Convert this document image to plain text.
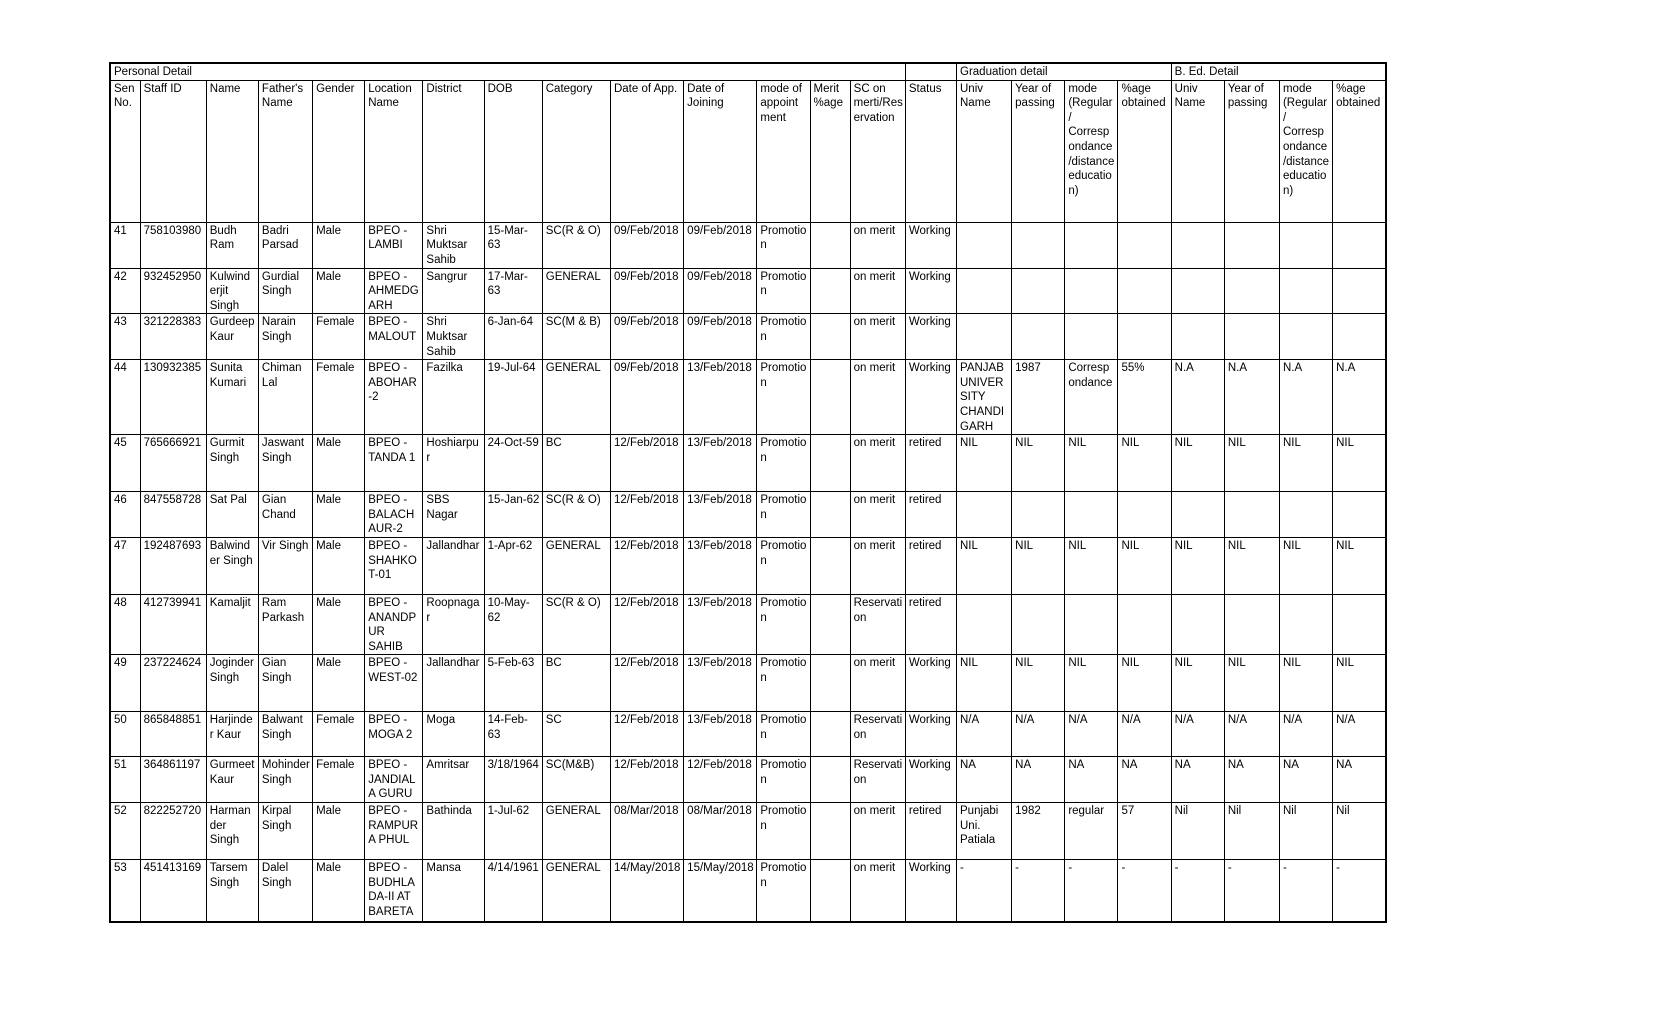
Personal Detail															Graduation detail				B. Ed. Detail			
Sen No.	Staff ID	Name	Father's Name	Gender	Location Name	District	DOB	Category	Date of App.	Date of Joining	mode of appointment	Merit %age	SC on merti/Reservation	Status	Univ Name	Year of passing	mode (Regular/ Correspondance/distance education)	%age obtained	Univ Name	Year of passing	mode (Regular/ Correspondance/distance education)	%age obtained
41	758103980	Budh Ram	Badri Parsad	Male	BPEO - LAMBI	Shri Muktsar Sahib	15-Mar-63	SC(R & O)	09/Feb/2018	09/Feb/2018	Promotion		on merit	Working								
42	932452950	Kulwinderjit Singh	Gurdial Singh	Male	BPEO - AHMEDGARH	Sangrur	17-Mar-63	GENERAL	09/Feb/2018	09/Feb/2018	Promotion		on merit	Working								
43	321228383	Gurdeep Kaur	Narain Singh	Female	BPEO - MALOUT	Shri Muktsar Sahib	6-Jan-64	SC(M & B)	09/Feb/2018	09/Feb/2018	Promotion		on merit	Working								
44	130932385	Sunita Kumari	Chiman Lal	Female	BPEO - ABOHAR-2	Fazilka	19-Jul-64	GENERAL	09/Feb/2018	13/Feb/2018	Promotion		on merit	Working	PANJAB UNIVERSITY CHANDIGARH	1987	Correspondance	55%	N.A	N.A	N.A	N.A
45	765666921	Gurmit Singh	Jaswant Singh	Male	BPEO - TANDA 1	Hoshiarpur	24-Oct-59	BC	12/Feb/2018	13/Feb/2018	Promotion		on merit	retired	NIL	NIL	NIL	NIL	NIL	NIL	NIL	NIL
46	847558728	Sat Pal	Gian Chand	Male	BPEO - BALACHAUR-2	SBS Nagar	15-Jan-62	SC(R & O)	12/Feb/2018	13/Feb/2018	Promotion		on merit	retired								
47	192487693	Balwinder Singh	Vir Singh	Male	BPEO - SHAHKOT-01	Jallandhar	1-Apr-62	GENERAL	12/Feb/2018	13/Feb/2018	Promotion		on merit	retired	NIL	NIL	NIL	NIL	NIL	NIL	NIL	NIL
48	412739941	Kamaljit	Ram Parkash	Male	BPEO - ANANDPUR SAHIB	Roopnagar	10-May-62	SC(R & O)	12/Feb/2018	13/Feb/2018	Promotion		Reservation	retired								
49	237224624	Joginder Singh	Gian Singh	Male	BPEO - WEST-02	Jallandhar	5-Feb-63	BC	12/Feb/2018	13/Feb/2018	Promotion		on merit	Working	NIL	NIL	NIL	NIL	NIL	NIL	NIL	NIL
50	865848851	Harjinder Kaur	Balwant Singh	Female	BPEO - MOGA 2	Moga	14-Feb-63	SC	12/Feb/2018	13/Feb/2018	Promotion		Reservation	Working	N/A	N/A	N/A	N/A	N/A	N/A	N/A	N/A
51	364861197	Gurmeet Kaur	Mohinder Singh	Female	BPEO - JANDIALA GURU	Amritsar	3/18/1964	SC(M&B)	12/Feb/2018	12/Feb/2018	Promotion		Reservation	Working	NA	NA	NA	NA	NA	NA	NA	NA
52	822252720	Harmander Singh	Kirpal Singh	Male	BPEO - RAMPURA PHUL	Bathinda	1-Jul-62	GENERAL	08/Mar/2018	08/Mar/2018	Promotion		on merit	retired	Punjabi Uni. Patiala	1982	regular	57	Nil	Nil	Nil	Nil
53	451413169	Tarsem Singh	Dalel Singh	Male	BPEO - BUDHLADA-II AT BARETA	Mansa	4/14/1961	GENERAL	14/May/2018	15/May/2018	Promotion		on merit	Working	-	-	-	-	-	-	-	-
